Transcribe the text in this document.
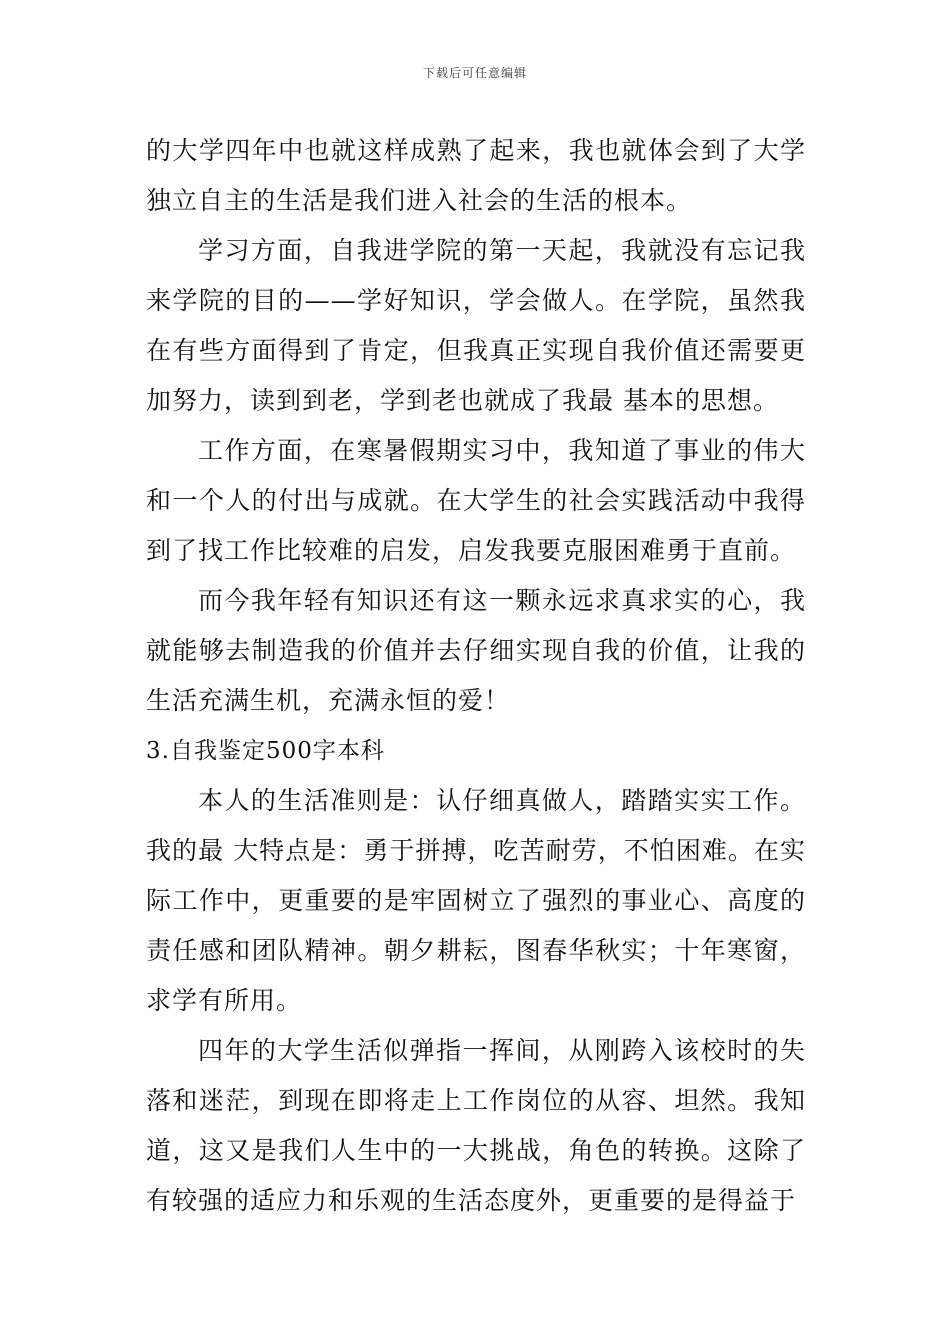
下载后可任意编辑

的大学四年中也就这样成熟了起来，我也就体会到了大学独立自主的生活是我们进入社会的生活的根本。

学习方面，自我进学院的第一天起，我就没有忘记我来学院的目的——学好知识，学会做人。在学院，虽然我在有些方面得到了肯定，但我真正实现自我价值还需要更加努力，读到到老，学到老也就成了我最 基本的思想。

工作方面，在寒暑假期实习中，我知道了事业的伟大和一个人的付出与成就。在大学生的社会实践活动中我得到了找工作比较难的启发，启发我要克服困难勇于直前。

而今我年轻有知识还有这一颗永远求真求实的心，我就能够去制造我的价值并去仔细实现自我的价值，让我的生活充满生机，充满永恒的爱！

3.自我鉴定500字本科

本人的生活准则是：认仔细真做人，踏踏实实工作。我的最 大特点是：勇于拼搏，吃苦耐劳，不怕困难。在实际工作中，更重要的是牢固树立了强烈的事业心、高度的责任感和团队精神。朝夕耕耘，图春华秋实；十年寒窗，求学有所用。

四年的大学生活似弹指一挥间，从刚跨入该校时的失落和迷茫，到现在即将走上工作岗位的从容、坦然。我知道，这又是我们人生中的一大挑战，角色的转换。这除了有较强的适应力和乐观的生活态度外，更重要的是得益于
